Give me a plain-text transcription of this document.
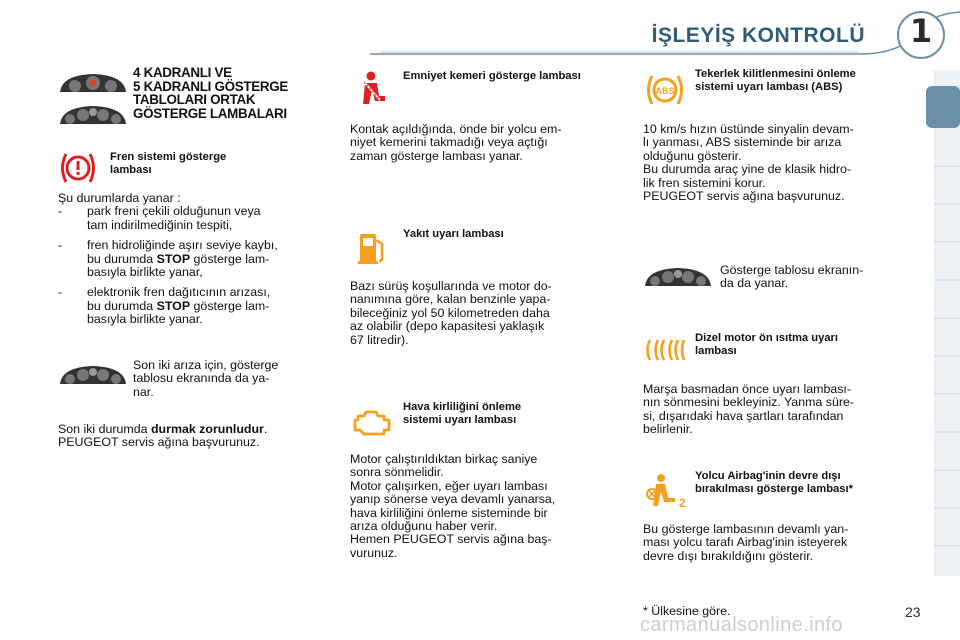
İŞLEYİŞ KONTROLÜ	1
4 KADRANLI VE
5 KADRANLI GÖSTERGE
TABLOLARI ORTAK
GÖSTERGE LAMBALARI
Fren sistemi gösterge
lambası

Şu durumlarda yanar :

- park freni çekili olduğunun veya
tam indirilmediğinin tespiti,
- fren hidroliğinde aşırı seviye kaybı,
bu durumda STOP gösterge lam-
basıyla birlikte yanar,
- elektronik fren dağıtıcının arızası,
bu durumda STOP gösterge lam-
basıyla birlikte yanar.
Son iki arıza için, gösterge
tablosu ekranında da ya-
nar.
Son iki durumda durmak zorunludur.
PEUGEOT servis ağına başvurunuz.
Emniyet kemeri gösterge lambası
Kontak açıldığında, önde bir yolcu em-
niyet kemerini takmadığı veya açtığı
zaman gösterge lambası yanar.
Yakıt uyarı lambası
Bazı sürüş koşullarında ve motor do-
nanımına göre, kalan benzinle yapa-
bileceğiniz yol 50 kilometreden daha
az olabilir (depo kapasitesi yaklaşık
67 litredir).
Hava kirliliğini önleme
sistemi uyarı lambası
Motor çalıştırıldıktan birkaç saniye
sonra sönmelidir.
Motor çalışırken, eğer uyarı lambası
yanıp sönerse veya devamlı yanarsa,
hava kirliliğini önleme sisteminde bir
arıza olduğunu haber verir.
Hemen PEUGEOT servis ağına baş-
vurunuz.
ABS
Tekerlek kilitlenmesini önleme
sistemi uyarı lambası (ABS)
10 km/s hızın üstünde sinyalin devam-
lı yanması, ABS sisteminde bir arıza
olduğunu gösterir.
Bu durumda araç yine de klasik hidro-
lik fren sistemini korur.
PEUGEOT servis ağına başvurunuz.
Gösterge tablosu ekranın-
da da yanar.
Dizel motor ön ısıtma uyarı
lambası
Marşa basmadan önce uyarı lambası-
nın sönmesini bekleyiniz. Yanma süre-
si, dışarıdaki hava şartları tarafından
belirlenir.
2
Yolcu Airbag'inin devre dışı
bırakılması gösterge lambası*
Bu gösterge lambasının devamlı yan-
ması yolcu tarafı Airbag'inin isteyerek
devre dışı bırakıldığını gösterir.
* Ülkesine göre.
carmanualsonline.info
23
